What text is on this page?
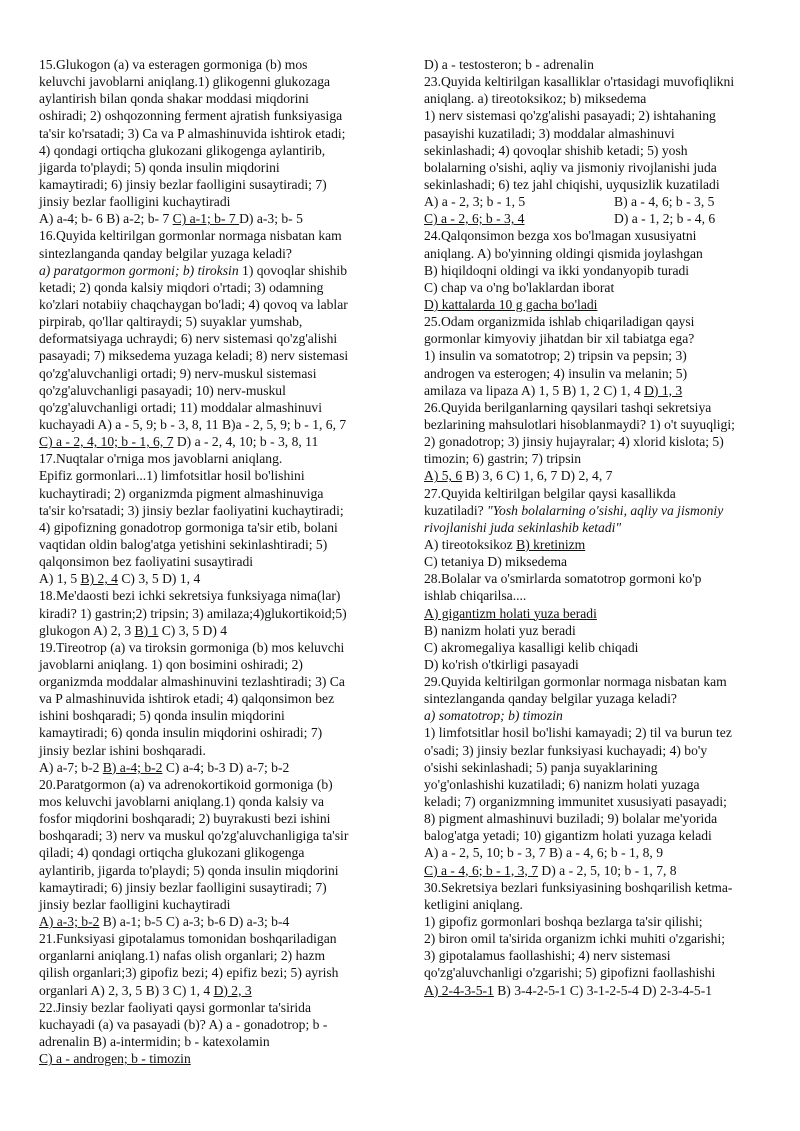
15.Glukogon (a) va esteragen gormoniga (b) mos
keluvchi javoblarni aniqlang.1) glikogenni glukozaga
aylantirish bilan qonda shakar moddasi miqdorini
oshiradi; 2) oshqozonning ferment ajratish funksiyasiga
ta'sir ko'rsatadi; 3) Ca va P almashinuvida ishtirok etadi;
4) qondagi ortiqcha glukozani glikogenga aylantirib,
jigarda to'playdi; 5) qonda insulin miqdorini
kamaytiradi; 6) jinsiy bezlar faolligini susaytiradi; 7)
jinsiy bezlar faolligini kuchaytiradi
A) a-4; b- 6 B) a-2; b- 7 C) a-1; b- 7 D) a-3; b- 5
16.Quyida keltirilgan gormonlar normaga nisbatan kam
sintezlanganda qanday belgilar yuzaga keladi?
a) paratgormon gormoni; b) tiroksin 1) qovoqlar shishib
ketadi; 2) qonda kalsiy miqdori o'rtadi; 3) odamning
ko'zlari notabiiy chaqchaygan bo'ladi; 4) qovoq va lablar
pirpirab, qo'llar qaltiraydi; 5) suyaklar yumshab,
deformatsiyaga uchraydi; 6) nerv sistemasi qo'zg'alishi
pasayadi; 7) miksedema yuzaga keladi; 8) nerv sistemasi
qo'zg'aluvchanligi ortadi; 9) nerv-muskul sistemasi
qo'zg'aluvchanligi pasayadi; 10) nerv-muskul
qo'zg'aluvchanligi ortadi; 11) moddalar almashinuvi
kuchayadi A) a - 5, 9; b - 3, 8, 11 B)a - 2, 5, 9; b - 1, 6, 7
C) a - 2, 4, 10; b - 1, 6, 7 D) a - 2, 4, 10; b - 3, 8, 11
17.Nuqtalar o'rniga mos javoblarni aniqlang.
Epifiz gormonlari...1) limfotsitlar hosil bo'lishini
kuchaytiradi; 2) organizmda pigment almashinuviga
ta'sir ko'rsatadi; 3) jinsiy bezlar faoliyatini kuchaytiradi;
4) gipofizning gonadotrop gormoniga ta'sir etib, bolani
vaqtidan oldin balog'atga yetishini sekinlashtiradi; 5)
qalqonsimon bez faoliyatini susaytiradi
A) 1, 5 B) 2, 4 C) 3, 5 D) 1, 4
18.Me'daosti bezi ichki sekretsiya funksiyaga nima(lar)
kiradi? 1) gastrin;2) tripsin; 3) amilaza;4)glukortikoid;5)
glukogon A) 2, 3 B) 1 C) 3, 5 D) 4
19.Tireotrop (a) va tiroksin gormoniga (b) mos keluvchi
javoblarni aniqlang. 1) qon bosimini oshiradi; 2)
organizmda moddalar almashinuvini tezlashtiradi; 3) Ca
va P almashinuvida ishtirok etadi; 4) qalqonsimon bez
ishini boshqaradi; 5) qonda insulin miqdorini
kamaytiradi; 6) qonda insulin miqdorini oshiradi; 7)
jinsiy bezlar ishini boshqaradi.
A) a-7; b-2 B) a-4; b-2 C) a-4; b-3 D) a-7; b-2
20.Paratgormon (a) va adrenokortikoid gormoniga (b)
mos keluvchi javoblarni aniqlang.1) qonda kalsiy va
fosfor miqdorini boshqaradi; 2) buyrakusti bezi ishini
boshqaradi; 3) nerv va muskul qo'zg'aluvchanligiga ta'sir
qiladi; 4) qondagi ortiqcha glukozani glikogenga
aylantirib, jigarda to'playdi; 5) qonda insulin miqdorini
kamaytiradi; 6) jinsiy bezlar faolligini susaytiradi; 7)
jinsiy bezlar faolligini kuchaytiradi
A) a-3; b-2 B) a-1; b-5 C) a-3; b-6 D) a-3; b-4
21.Funksiyasi gipotalamus tomonidan boshqariladigan
organlarni aniqlang.1) nafas olish organlari; 2) hazm
qilish organlari;3) gipofiz bezi; 4) epifiz bezi; 5) ayrish
organlari A) 2, 3, 5 B) 3 C) 1, 4 D) 2, 3
22.Jinsiy bezlar faoliyati qaysi gormonlar ta'sirida
kuchayadi (a) va pasayadi (b)? A) a - gonadotrop; b -
adrenalin B) a-intermidin; b - katexolamin
C) a - androgen; b - timozin
D) a - testosteron; b - adrenalin
23.Quyida keltirilgan kasalliklar o'rtasidagi muvofiqlikni
aniqlang. a) tireotoksikoz; b) miksedema
1) nerv sistemasi qo'zg'alishi pasayadi; 2) ishtahaning
pasayishi kuzatiladi; 3) moddalar almashinuvi
sekinlashadi; 4) qovoqlar shishib ketadi; 5) yosh
bolalarning o'sishi, aqliy va jismoniy rivojlanishi juda
sekinlashadi; 6) tez jahl chiqishi, uyqusizlik kuzatiladi
A) a - 2, 3; b - 1, 5	B) a - 4, 6; b - 3, 5
C) a - 2, 6; b - 3, 4	D) a - 1, 2; b - 4, 6
24.Qalqonsimon bezga xos bo'lmagan xususiyatni
aniqlang. A) bo'yinning oldingi qismida joylashgan
B) hiqildoqni oldingi va ikki yondanyopib turadi
C) chap va o'ng bo'laklardan iborat
D) kattalarda 10 g gacha bo'ladi
25.Odam organizmida ishlab chiqariladigan qaysi
gormonlar kimyoviy jihatdan bir xil tabiatga ega?
1) insulin va somatotrop; 2) tripsin va pepsin; 3)
androgen va esterogen; 4) insulin va melanin; 5)
amilaza va lipaza A) 1, 5 B) 1, 2 C) 1, 4 D) 1, 3
26.Quyida berilganlarning qaysilari tashqi sekretsiya
bezlarining mahsulotlari hisoblanmaydi? 1) o't suyuqligi;
2) gonadotrop; 3) jinsiy hujayralar; 4) xlorid kislota; 5)
timozin; 6) gastrin; 7) tripsin
A) 5, 6 B) 3, 6 C) 1, 6, 7 D) 2, 4, 7
27.Quyida keltirilgan belgilar qaysi kasallikda
kuzatiladi? "Yosh bolalarning o'sishi, aqliy va jismoniy
rivojlanishi juda sekinlashib ketadi"
A) tireotoksikoz B) kretinizm
C) tetaniya D) miksedema
28.Bolalar va o'smirlarda somatotrop gormoni ko'p
ishlab chiqarilsa....
A) gigantizm holati yuza beradi
B) nanizm holati yuz beradi
C) akromegaliya kasalligi kelib chiqadi
D) ko'rish o'tkirligi pasayadi
29.Quyida keltirilgan gormonlar normaga nisbatan kam
sintezlanganda qanday belgilar yuzaga keladi?
a) somatotrop; b) timozin
1) limfotsitlar hosil bo'lishi kamayadi; 2) til va burun tez
o'sadi; 3) jinsiy bezlar funksiyasi kuchayadi; 4) bo'y
o'sishi sekinlashadi; 5) panja suyaklarining
yo'g'onlashishi kuzatiladi; 6) nanizm holati yuzaga
keladi; 7) organizmning immunitet xususiyati pasayadi;
8) pigment almashinuvi buziladi; 9) bolalar me'yorida
balog'atga yetadi; 10) gigantizm holati yuzaga keladi
A) a - 2, 5, 10; b - 3, 7 B) a - 4, 6; b - 1, 8, 9
C) a - 4, 6; b - 1, 3, 7 D) a - 2, 5, 10; b - 1, 7, 8
30.Sekretsiya bezlari funksiyasining boshqarilish ketma-
ketligini aniqlang.
1) gipofiz gormonlari boshqa bezlarga ta'sir qilishi;
2) biron omil ta'sirida organizm ichki muhiti o'zgarishi;
3) gipotalamus faollashishi; 4) nerv sistemasi
qo'zg'aluvchanligi o'zgarishi; 5) gipofizni faollashishi
A) 2-4-3-5-1 B) 3-4-2-5-1 C) 3-1-2-5-4 D) 2-3-4-5-1
